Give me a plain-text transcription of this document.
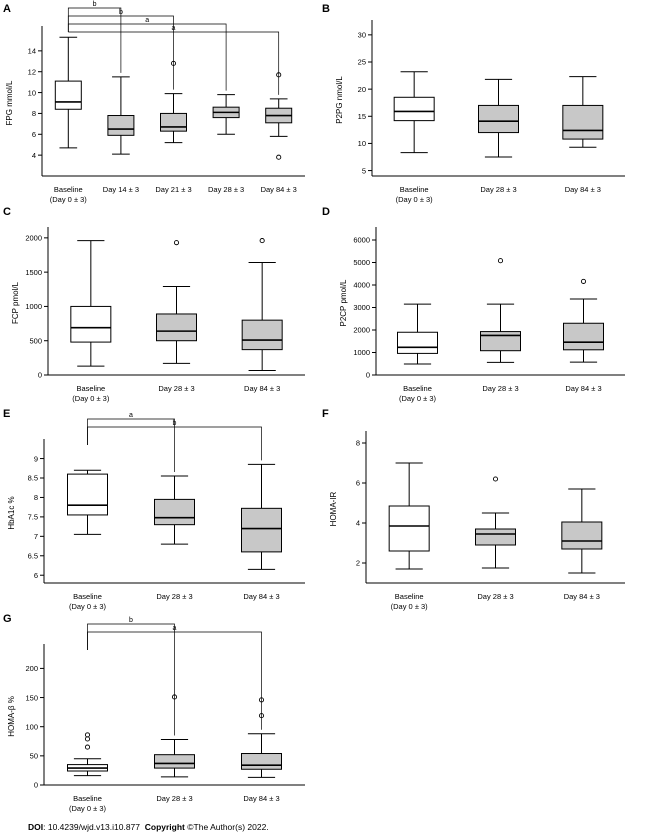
A	B
C	D
E	F
G
4
6
8
10
12
14
FPG mmol/L
Baseline
(Day 0 ± 3)
Day 14 ± 3 Day 21 ± 3 Day 28 ± 3 Day 84 ± 3
b
b
a
a
5
10
15
20
25
30
P2PG nmol/L
Baseline
(Day 0 ± 3)
Day 28 ± 3	Day 84 ± 3
0
500
1000
1500
2000
FCP pmol/L
Baseline
(Day 0 ± 3)
Day 28 ± 3	Day 84 ± 3
0
1000
2000
3000
4000
5000
6000
P2CP pmol/L
Baseline
(Day 0 ± 3)
Day 28 ± 3	Day 84 ± 3
6
6.5
7
7.5
8
8.5
9
HbA1c %
Baseline
(Day 0 ± 3)
Day 28 ± 3	Day 84 ± 3
a
b
2
4
6
8
HOMA-IR
Baseline
(Day 0 ± 3)
Day 28 ± 3	Day 84 ± 3
0
50
100
150
200
HOMA-β %
Baseline
(Day 0 ± 3)
Day 28 ± 3	Day 84 ± 3
b
a
DOI: 10.4239/wjd.v13.i10.877 Copyright ©The Author(s) 2022.
